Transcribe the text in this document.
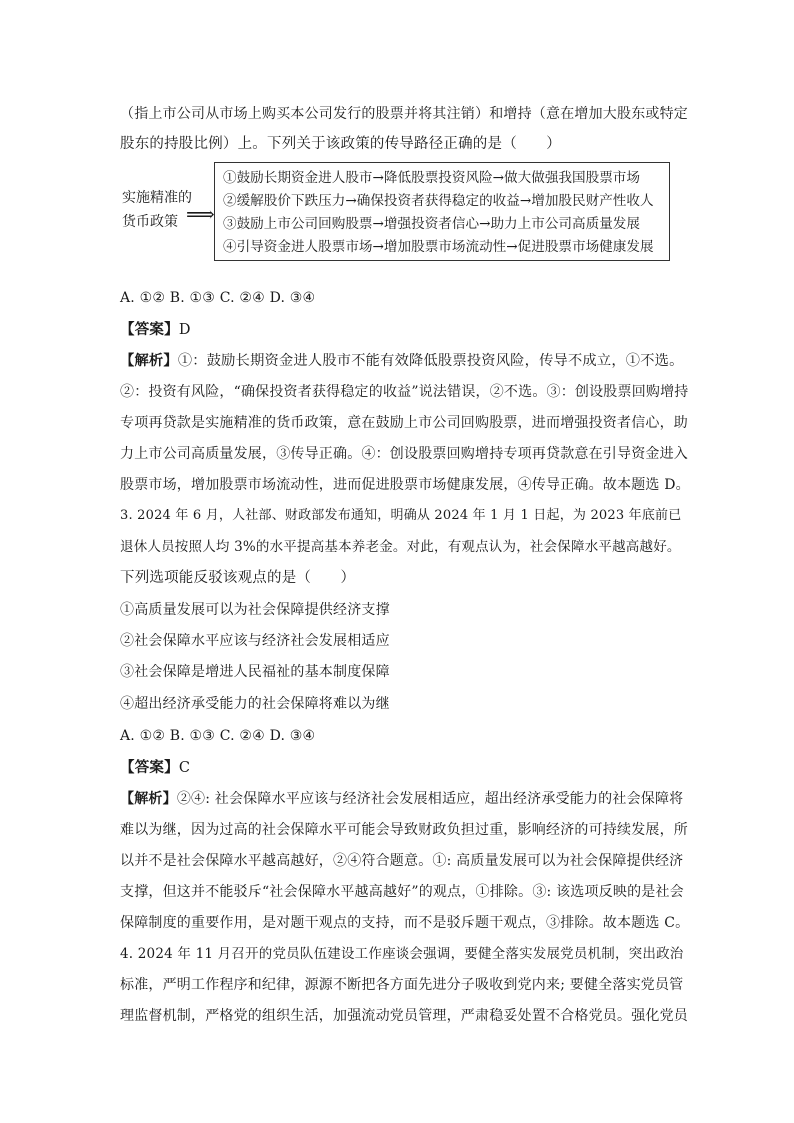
（指上市公司从市场上购买本公司发行的股票并将其注销）和增持（意在增加大股东或特定
股东的持股比例）上。下列关于该政策的传导路径正确的是（　　）
实施精准的
货币政策 ⟹
①鼓励长期资金进人股市→降低股票投资风险→做大做强我国股票市场
②缓解股价下跌压力→确保投资者获得稳定的收益→增加股民财产性收人
③鼓励上市公司回购股票→增强投资者信心→助力上市公司高质量发展
④引导资金进人股票市场→增加股票市场流动性→促进股票市场健康发展
A. ①② B. ①③ C. ②④ D. ③④
【答案】D
【解析】①：鼓励长期资金进人股市不能有效降低股票投资风险，传导不成立，①不选。
②：投资有风险，“确保投资者获得稳定的收益”说法错误，②不选。③：创设股票回购增持
专项再贷款是实施精准的货币政策，意在鼓励上市公司回购股票，进而增强投资者信心，助
力上市公司高质量发展，③传导正确。④：创设股票回购增持专项再贷款意在引导资金进入
股票市场，增加股票市场流动性，进而促进股票市场健康发展，④传导正确。故本题选 D。
3. 2024 年 6 月，人社部、财政部发布通知，明确从 2024 年 1 月 1 日起，为 2023 年底前已
退休人员按照人均 3%的水平提高基本养老金。对此，有观点认为，社会保障水平越高越好。
下列选项能反驳该观点的是（　　）
①高质量发展可以为社会保障提供经济支撑
②社会保障水平应该与经济社会发展相适应
③社会保障是增进人民福祉的基本制度保障
④超出经济承受能力的社会保障将难以为继
A. ①② B. ①③ C. ②④ D. ③④
【答案】C
【解析】②④: 社会保障水平应该与经济社会发展相适应，超出经济承受能力的社会保障将
难以为继，因为过高的社会保障水平可能会导致财政负担过重，影响经济的可持续发展，所
以并不是社会保障水平越高越好，②④符合题意。①: 高质量发展可以为社会保障提供经济
支撑，但这并不能驳斥“社会保障水平越高越好”的观点，①排除。③: 该选项反映的是社会
保障制度的重要作用，是对题干观点的支持，而不是驳斥题干观点，③排除。故本题选 C。
4. 2024 年 11 月召开的党员队伍建设工作座谈会强调，要健全落实发展党员机制，突出政治
标准，严明工作程序和纪律，源源不断把各方面先进分子吸收到党内来; 要健全落实党员管
理监督机制，严格党的组织生活，加强流动党员管理，严肃稳妥处置不合格党员。强化党员
